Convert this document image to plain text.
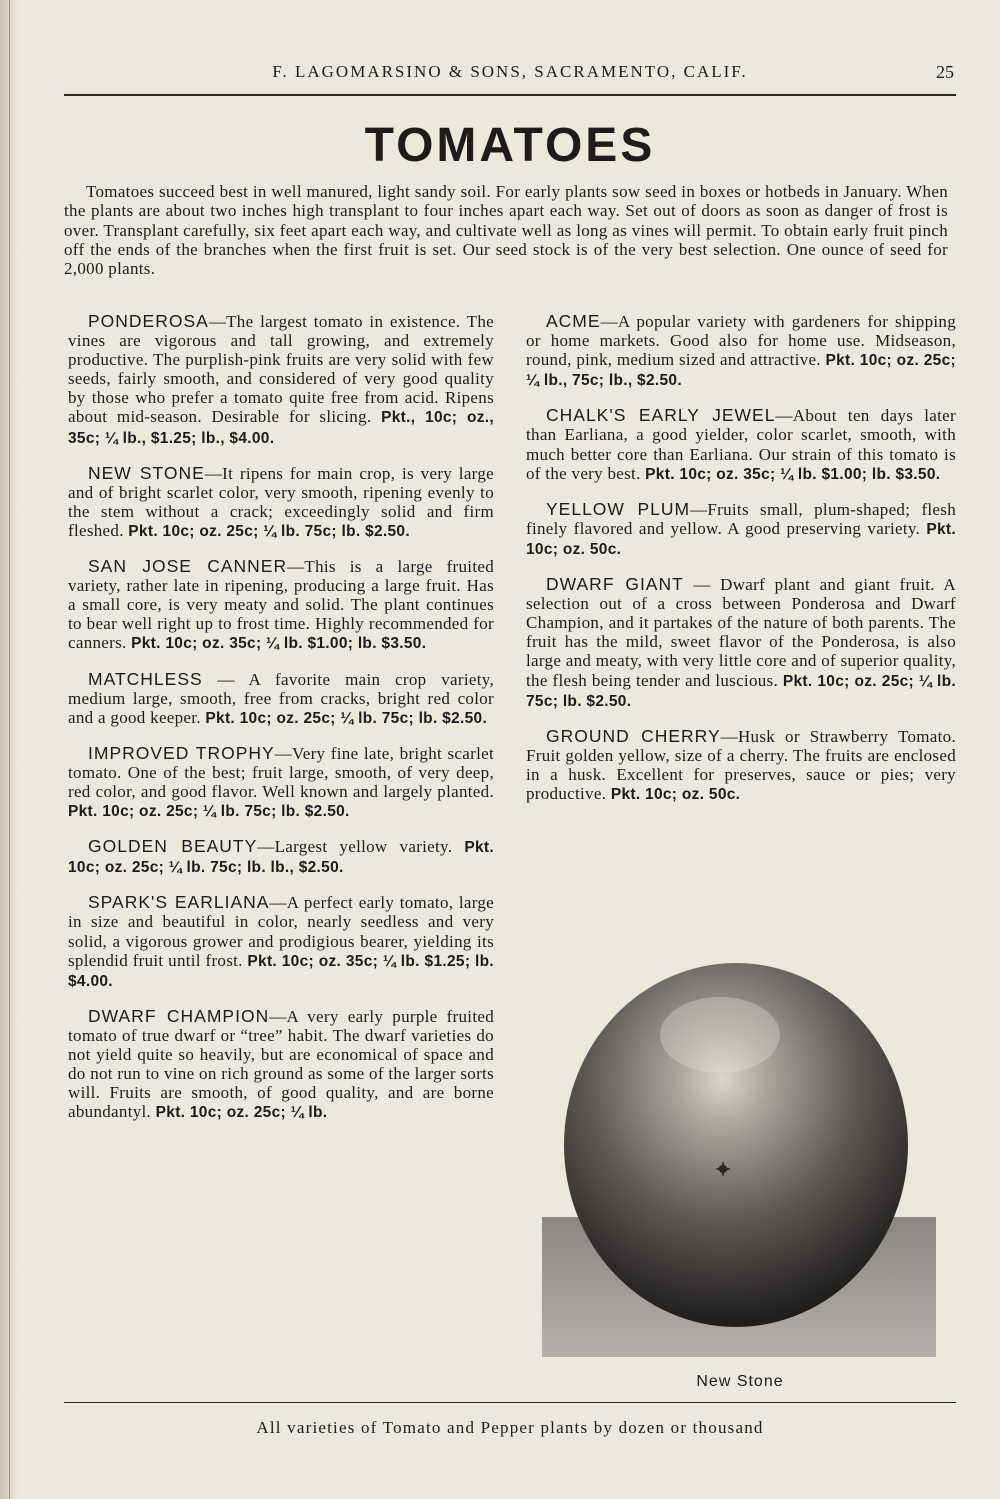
F. LAGOMARSINO & SONS, SACRAMENTO, CALIF.	25
TOMATOES

Tomatoes succeed best in well manured, light sandy soil. For early plants sow seed in boxes or hotbeds in January. When the plants are about two inches high transplant to four inches apart each way. Set out of doors as soon as danger of frost is over. Transplant carefully, six feet apart each way, and cultivate well as long as vines will permit. To obtain early fruit pinch off the ends of the branches when the first fruit is set. Our seed stock is of the very best selection. One ounce of seed for 2,000 plants.

PONDEROSA—The largest tomato in existence. The vines are vigorous and tall growing, and extremely productive. The purplish-pink fruits are very solid with few seeds, fairly smooth, and considered of very good quality by those who prefer a tomato quite free from acid. Ripens about mid-season. Desirable for slicing. Pkt., 10c; oz., 35c; ¼ lb., $1.25; lb., $4.00.

NEW STONE—It ripens for main crop, is very large and of bright scarlet color, very smooth, ripening evenly to the stem without a crack; exceedingly solid and firm fleshed. Pkt. 10c; oz. 25c; ¼ lb. 75c; lb. $2.50.

SAN JOSE CANNER—This is a large fruited variety, rather late in ripening, producing a large fruit. Has a small core, is very meaty and solid. The plant continues to bear well right up to frost time. Highly recommended for canners. Pkt. 10c; oz. 35c; ¼ lb. $1.00; lb. $3.50.

MATCHLESS — A favorite main crop variety, medium large, smooth, free from cracks, bright red color and a good keeper. Pkt. 10c; oz. 25c; ¼ lb. 75c; lb. $2.50.

IMPROVED TROPHY—Very fine late, bright scarlet tomato. One of the best; fruit large, smooth, of very deep, red color, and good flavor. Well known and largely planted. Pkt. 10c; oz. 25c; ¼ lb. 75c; lb. $2.50.

GOLDEN BEAUTY—Largest yellow variety. Pkt. 10c; oz. 25c; ¼ lb. 75c; lb. lb., $2.50.

SPARK'S EARLIANA—A perfect early tomato, large in size and beautiful in color, nearly seedless and very solid, a vigorous grower and prodigious bearer, yielding its splendid fruit until frost. Pkt. 10c; oz. 35c; ¼ lb. $1.25; lb. $4.00.

DWARF CHAMPION—A very early purple fruited tomato of true dwarf or “tree” habit. The dwarf varieties do not yield quite so heavily, but are economical of space and do not run to vine on rich ground as some of the larger sorts will. Fruits are smooth, of good quality, and are borne abundantyl. Pkt. 10c; oz. 25c; ¼ lb.

ACME—A popular variety with gardeners for shipping or home markets. Good also for home use. Midseason, round, pink, medium sized and attractive. Pkt. 10c; oz. 25c; ¼ lb., 75c; lb., $2.50.

CHALK'S EARLY JEWEL—About ten days later than Earliana, a good yielder, color scarlet, smooth, with much better core than Earliana. Our strain of this tomato is of the very best. Pkt. 10c; oz. 35c; ¼ lb. $1.00; lb. $3.50.

YELLOW PLUM—Fruits small, plum-shaped; flesh finely flavored and yellow. A good preserving variety. Pkt. 10c; oz. 50c.

DWARF GIANT — Dwarf plant and giant fruit. A selection out of a cross between Ponderosa and Dwarf Champion, and it partakes of the nature of both parents. The fruit has the mild, sweet flavor of the Ponderosa, is also large and meaty, with very little core and of superior quality, the flesh being tender and luscious. Pkt. 10c; oz. 25c; ¼ lb. 75c; lb. $2.50.

GROUND CHERRY—Husk or Strawberry Tomato. Fruit golden yellow, size of a cherry. The fruits are enclosed in a husk. Excellent for preserves, sauce or pies; very productive. Pkt. 10c; oz. 50c.

New Stone
All varieties of Tomato and Pepper plants by dozen or thousand
